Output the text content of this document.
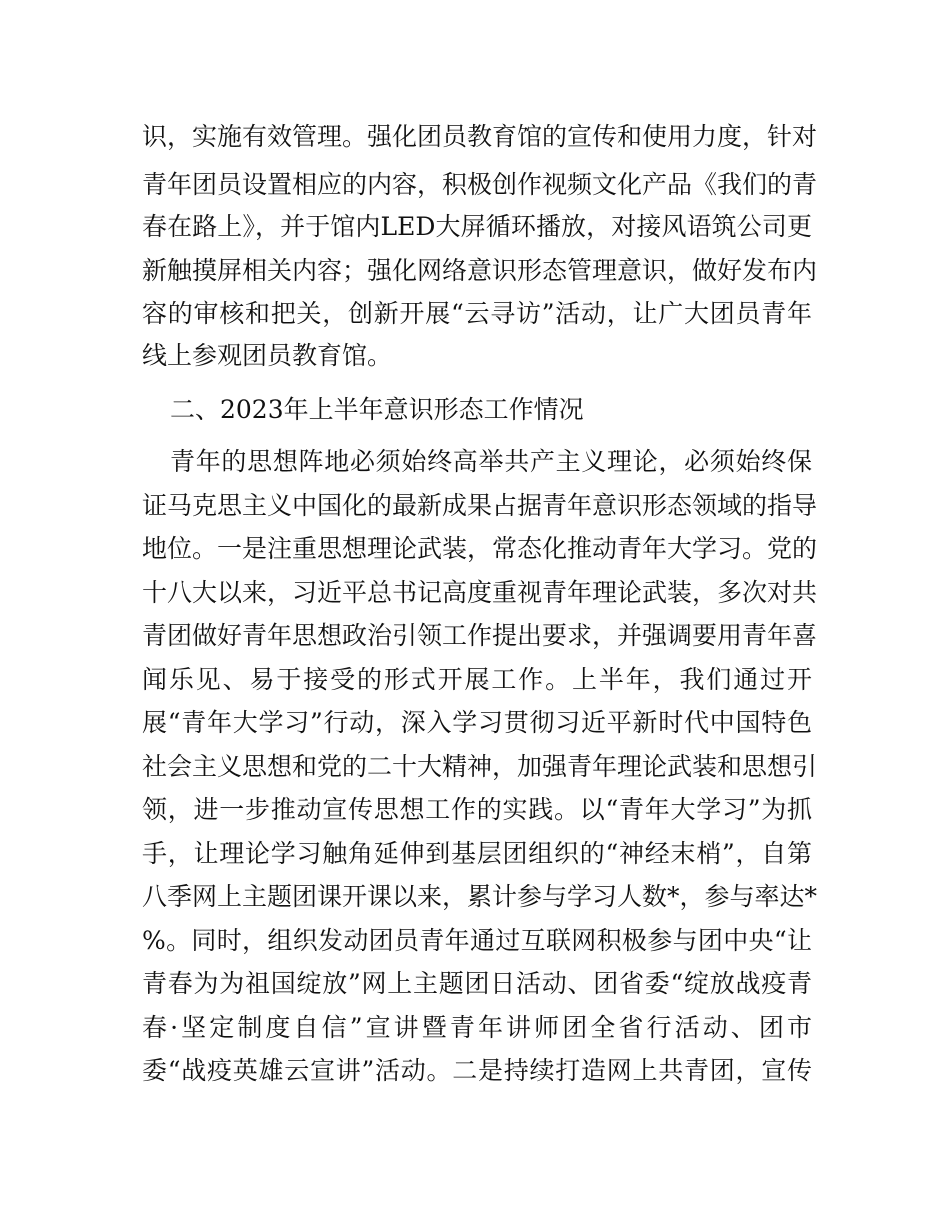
识，实施有效管理。强化团员教育馆的宣传和使用力度，针对
青年团员设置相应的内容，积极创作视频文化产品《我们的青
春在路上》，并于馆内LED大屏循环播放，对接风语筑公司更
新触摸屏相关内容；强化网络意识形态管理意识，做好发布内
容的审核和把关，创新开展“云寻访”活动，让广大团员青年
线上参观团员教育馆。
二、2023年上半年意识形态工作情况
青年的思想阵地必须始终高举共产主义理论，必须始终保
证马克思主义中国化的最新成果占据青年意识形态领域的指导
地位。一是注重思想理论武装，常态化推动青年大学习。党的
十八大以来，习近平总书记高度重视青年理论武装，多次对共
青团做好青年思想政治引领工作提出要求，并强调要用青年喜
闻乐见、易于接受的形式开展工作。上半年，我们通过开
展“青年大学习”行动，深入学习贯彻习近平新时代中国特色
社会主义思想和党的二十大精神，加强青年理论武装和思想引
领，进一步推动宣传思想工作的实践。以“青年大学习”为抓
手，让理论学习触角延伸到基层团组织的“神经末梢”，自第
八季网上主题团课开课以来，累计参与学习人数*，参与率达*
%。同时，组织发动团员青年通过互联网积极参与团中央“让
青春为为祖国绽放”网上主题团日活动、团省委“绽放战疫青
春·坚定制度自信”宣讲暨青年讲师团全省行活动、团市
委“战疫英雄云宣讲”活动。二是持续打造网上共青团，宣传
